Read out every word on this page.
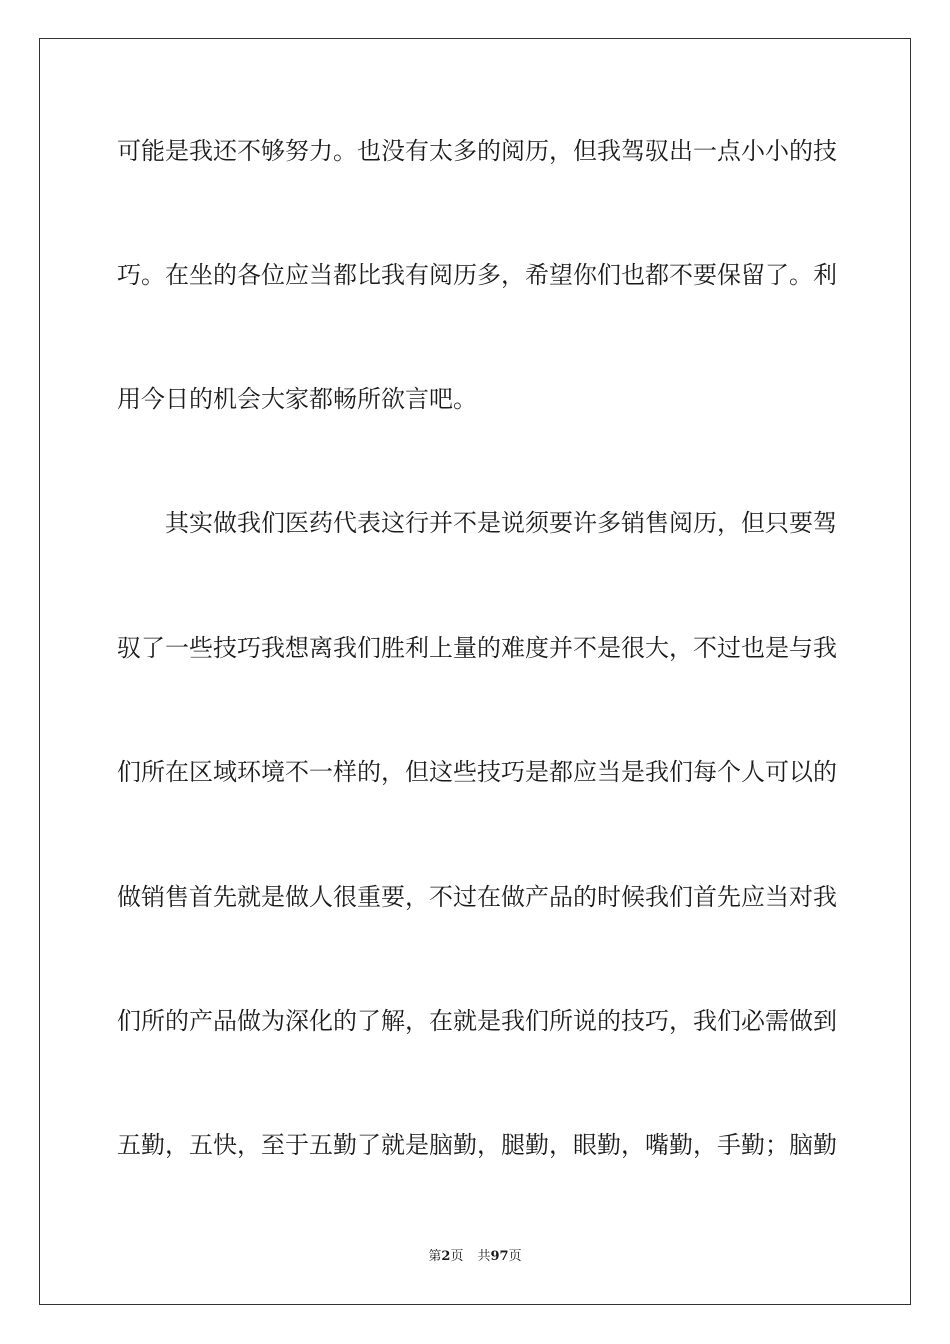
可能是我还不够努力。也没有太多的阅历，但我驾驭出一点小小的技
巧。在坐的各位应当都比我有阅历多，希望你们也都不要保留了。利
用今日的机会大家都畅所欲言吧。
其实做我们医药代表这行并不是说须要许多销售阅历，但只要驾
驭了一些技巧我想离我们胜利上量的难度并不是很大，不过也是与我
们所在区域环境不一样的，但这些技巧是都应当是我们每个人可以的
做销售首先就是做人很重要，不过在做产品的时候我们首先应当对我
们所的产品做为深化的了解，在就是我们所说的技巧，我们必需做到
五勤，五快，至于五勤了就是脑勤，腿勤，眼勤，嘴勤，手勤；脑勤
第2页 共97页
